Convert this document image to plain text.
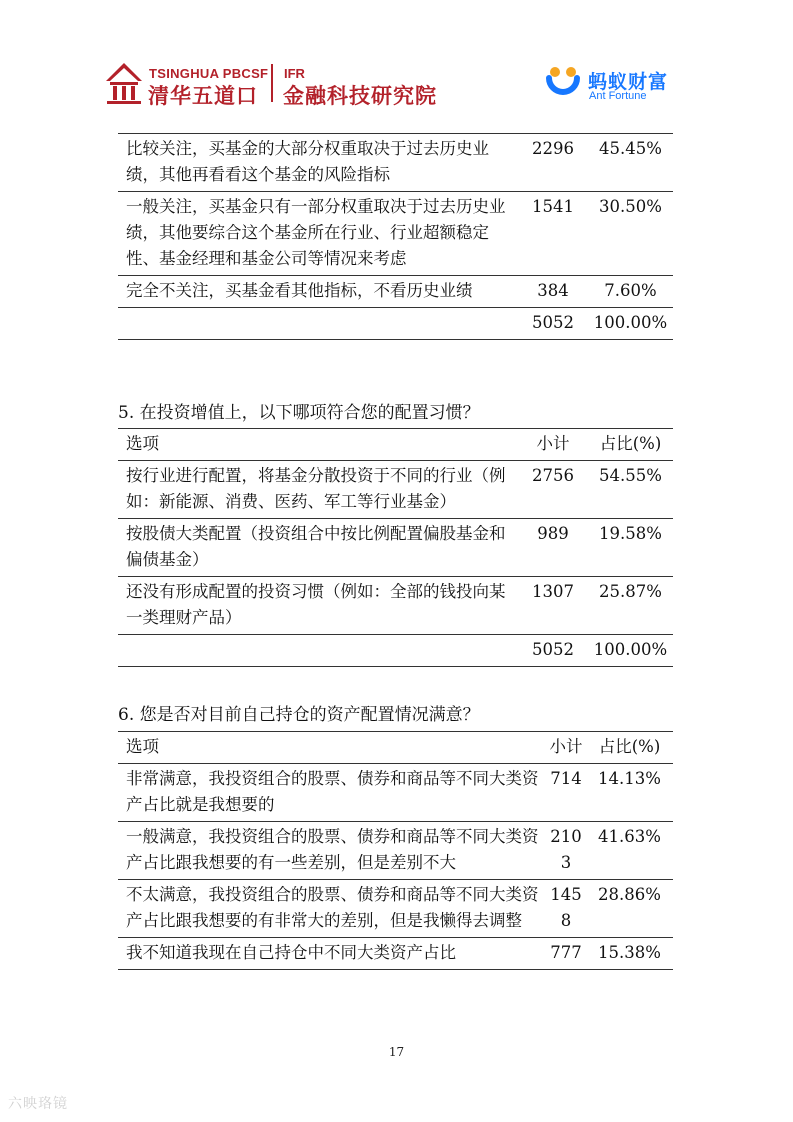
TSINGHUA PBCSF
清华五道口
IFR
金融科技研究院
蚂蚁财富
Ant Fortune
比较关注，买基金的大部分权重取决于过去历史业绩，其他再看看这个基金的风险指标	2296	45.45%
一般关注，买基金只有一部分权重取决于过去历史业绩，其他要综合这个基金所在行业、行业超额稳定性、基金经理和基金公司等情况来考虑	1541	30.50%
完全不关注，买基金看其他指标，不看历史业绩	384	7.60%
	5052	100.00%
5. 在投资增值上，以下哪项符合您的配置习惯？
选项	小计	占比(%)
按行业进行配置，将基金分散投资于不同的行业（例如：新能源、消费、医药、军工等行业基金）	2756	54.55%
按股债大类配置（投资组合中按比例配置偏股基金和偏债基金）	989	19.58%
还没有形成配置的投资习惯（例如：全部的钱投向某一类理财产品）	1307	25.87%
	5052	100.00%
6. 您是否对目前自己持仓的资产配置情况满意？
选项	小计	占比(%)
非常满意，我投资组合的股票、债券和商品等不同大类资产占比就是我想要的	714	14.13%
一般满意，我投资组合的股票、债券和商品等不同大类资产占比跟我想要的有一些差别，但是差别不大	2103	41.63%
不太满意，我投资组合的股票、债券和商品等不同大类资产占比跟我想要的有非常大的差别，但是我懒得去调整	1458	28.86%
我不知道我现在自己持仓中不同大类资产占比	777	15.38%
17
六映珞镜
